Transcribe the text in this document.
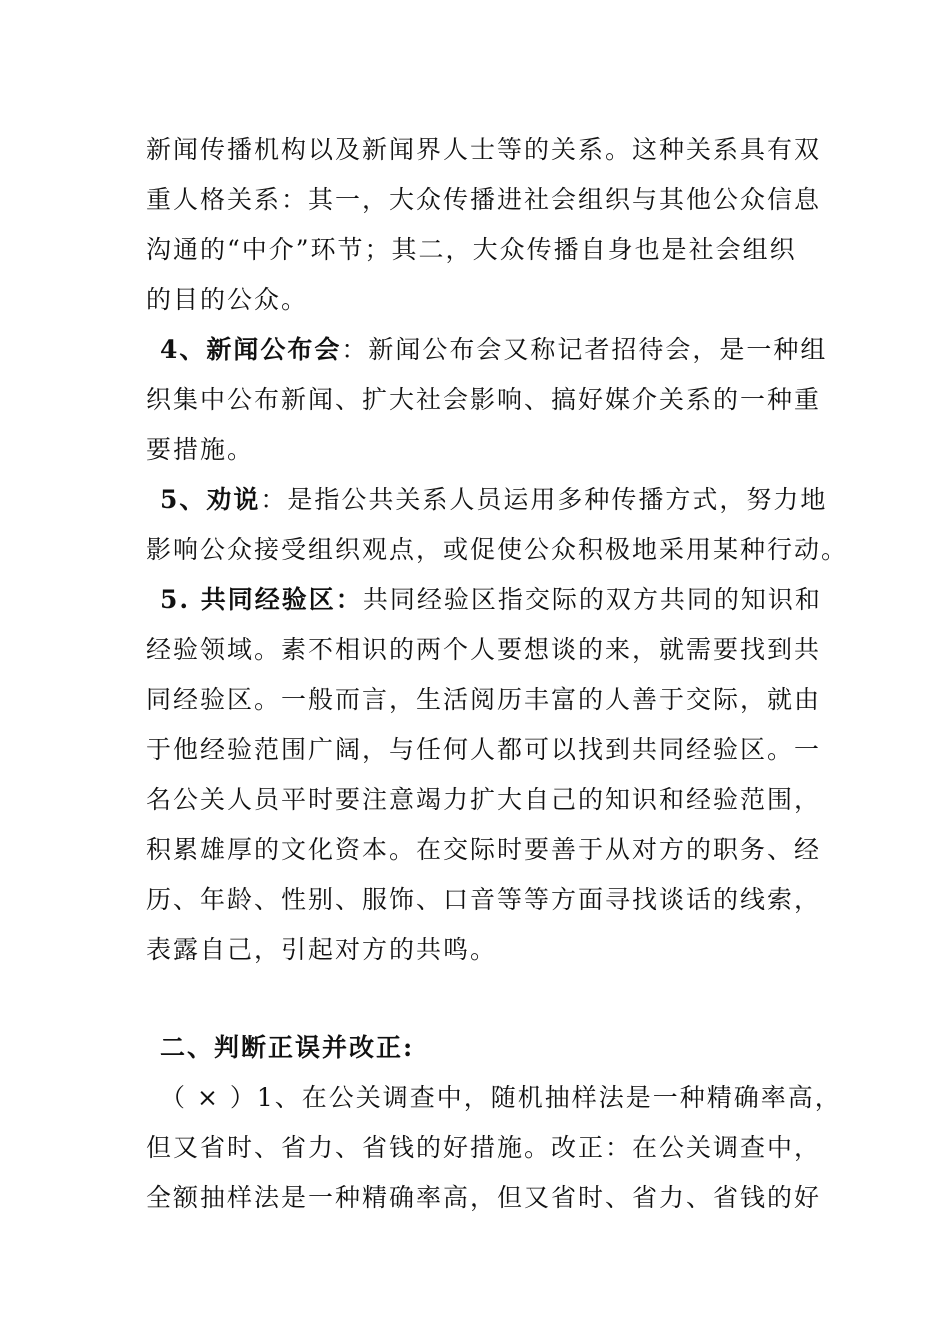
新闻传播机构以及新闻界人士等的关系。这种关系具有双
重人格关系：其一，大众传播进社会组织与其他公众信息
沟通的“中介”环节；其二，大众传播自身也是社会组织
的目的公众。
4、新闻公布会：新闻公布会又称记者招待会，是一种组
织集中公布新闻、扩大社会影响、搞好媒介关系的一种重
要措施。
5、劝说：是指公共关系人员运用多种传播方式，努力地
影响公众接受组织观点，或促使公众积极地采用某种行动。
5. 共同经验区：共同经验区指交际的双方共同的知识和
经验领域。素不相识的两个人要想谈的来，就需要找到共
同经验区。一般而言，生活阅历丰富的人善于交际，就由
于他经验范围广阔，与任何人都可以找到共同经验区。一
名公关人员平时要注意竭力扩大自己的知识和经验范围，
积累雄厚的文化资本。在交际时要善于从对方的职务、经
历、年龄、性别、服饰、口音等等方面寻找谈话的线索，
表露自己，引起对方的共鸣。
二、判断正误并改正:
（ × ）1、在公关调查中，随机抽样法是一种精确率高，
但又省时、省力、省钱的好措施。改正：在公关调查中，
全额抽样法是一种精确率高，但又省时、省力、省钱的好
